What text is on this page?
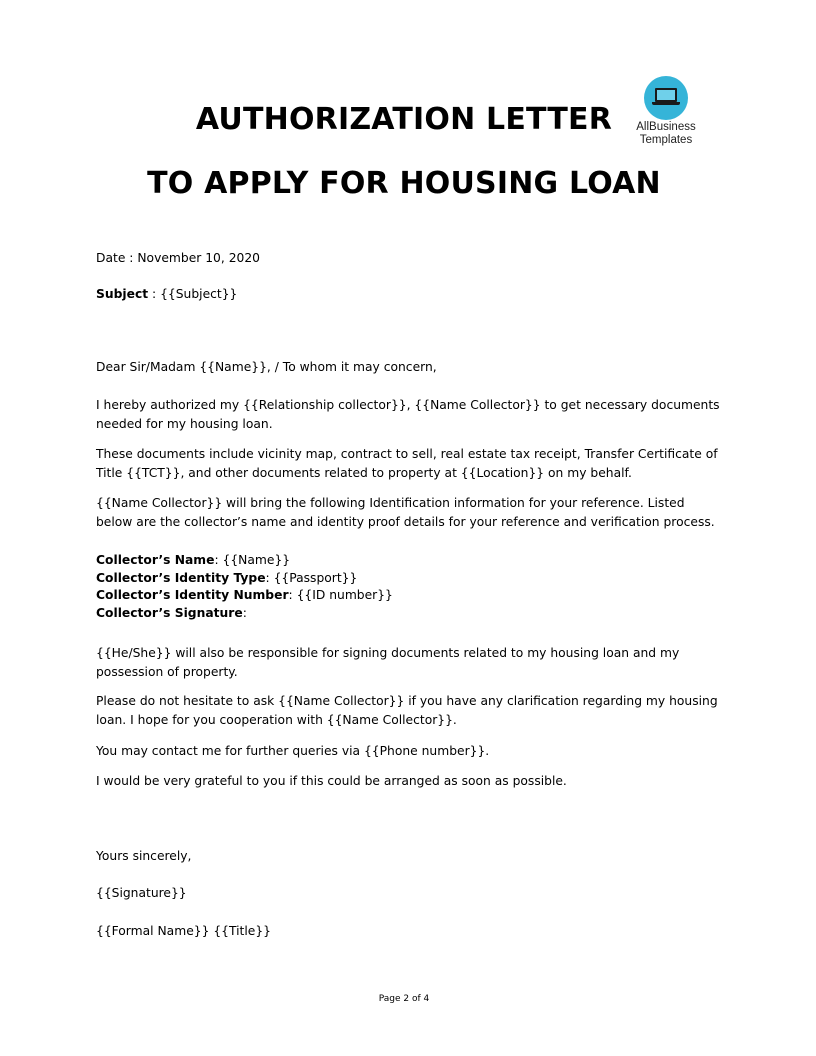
AUTHORIZATION LETTER
TO APPLY FOR HOUSING LOAN
AllBusiness
Templates

Date : November 10, 2020

Subject : {{Subject}}

Dear Sir/Madam {{Name}}, / To whom it may concern,

I hereby authorized my {{Relationship collector}}, {{Name Collector}} to get necessary documents needed for my housing loan.

These documents include vicinity map, contract to sell, real estate tax receipt, Transfer Certificate of Title {{TCT}}, and other documents related to property at {{Location}} on my behalf.

{{Name Collector}} will bring the following Identification information for your reference. Listed below are the collector’s name and identity proof details for your reference and verification process.

Collector’s Name: {{Name}}
Collector’s Identity Type: {{Passport}}
Collector’s Identity Number: {{ID number}}
Collector’s Signature:

{{He/She}} will also be responsible for signing documents related to my housing loan and my possession of property.

Please do not hesitate to ask {{Name Collector}} if you have any clarification regarding my housing loan. I hope for you cooperation with {{Name Collector}}.

You may contact me for further queries via {{Phone number}}.

I would be very grateful to you if this could be arranged as soon as possible.

Yours sincerely,

{{Signature}}

{{Formal Name}} {{Title}}

Page 2 of 4
